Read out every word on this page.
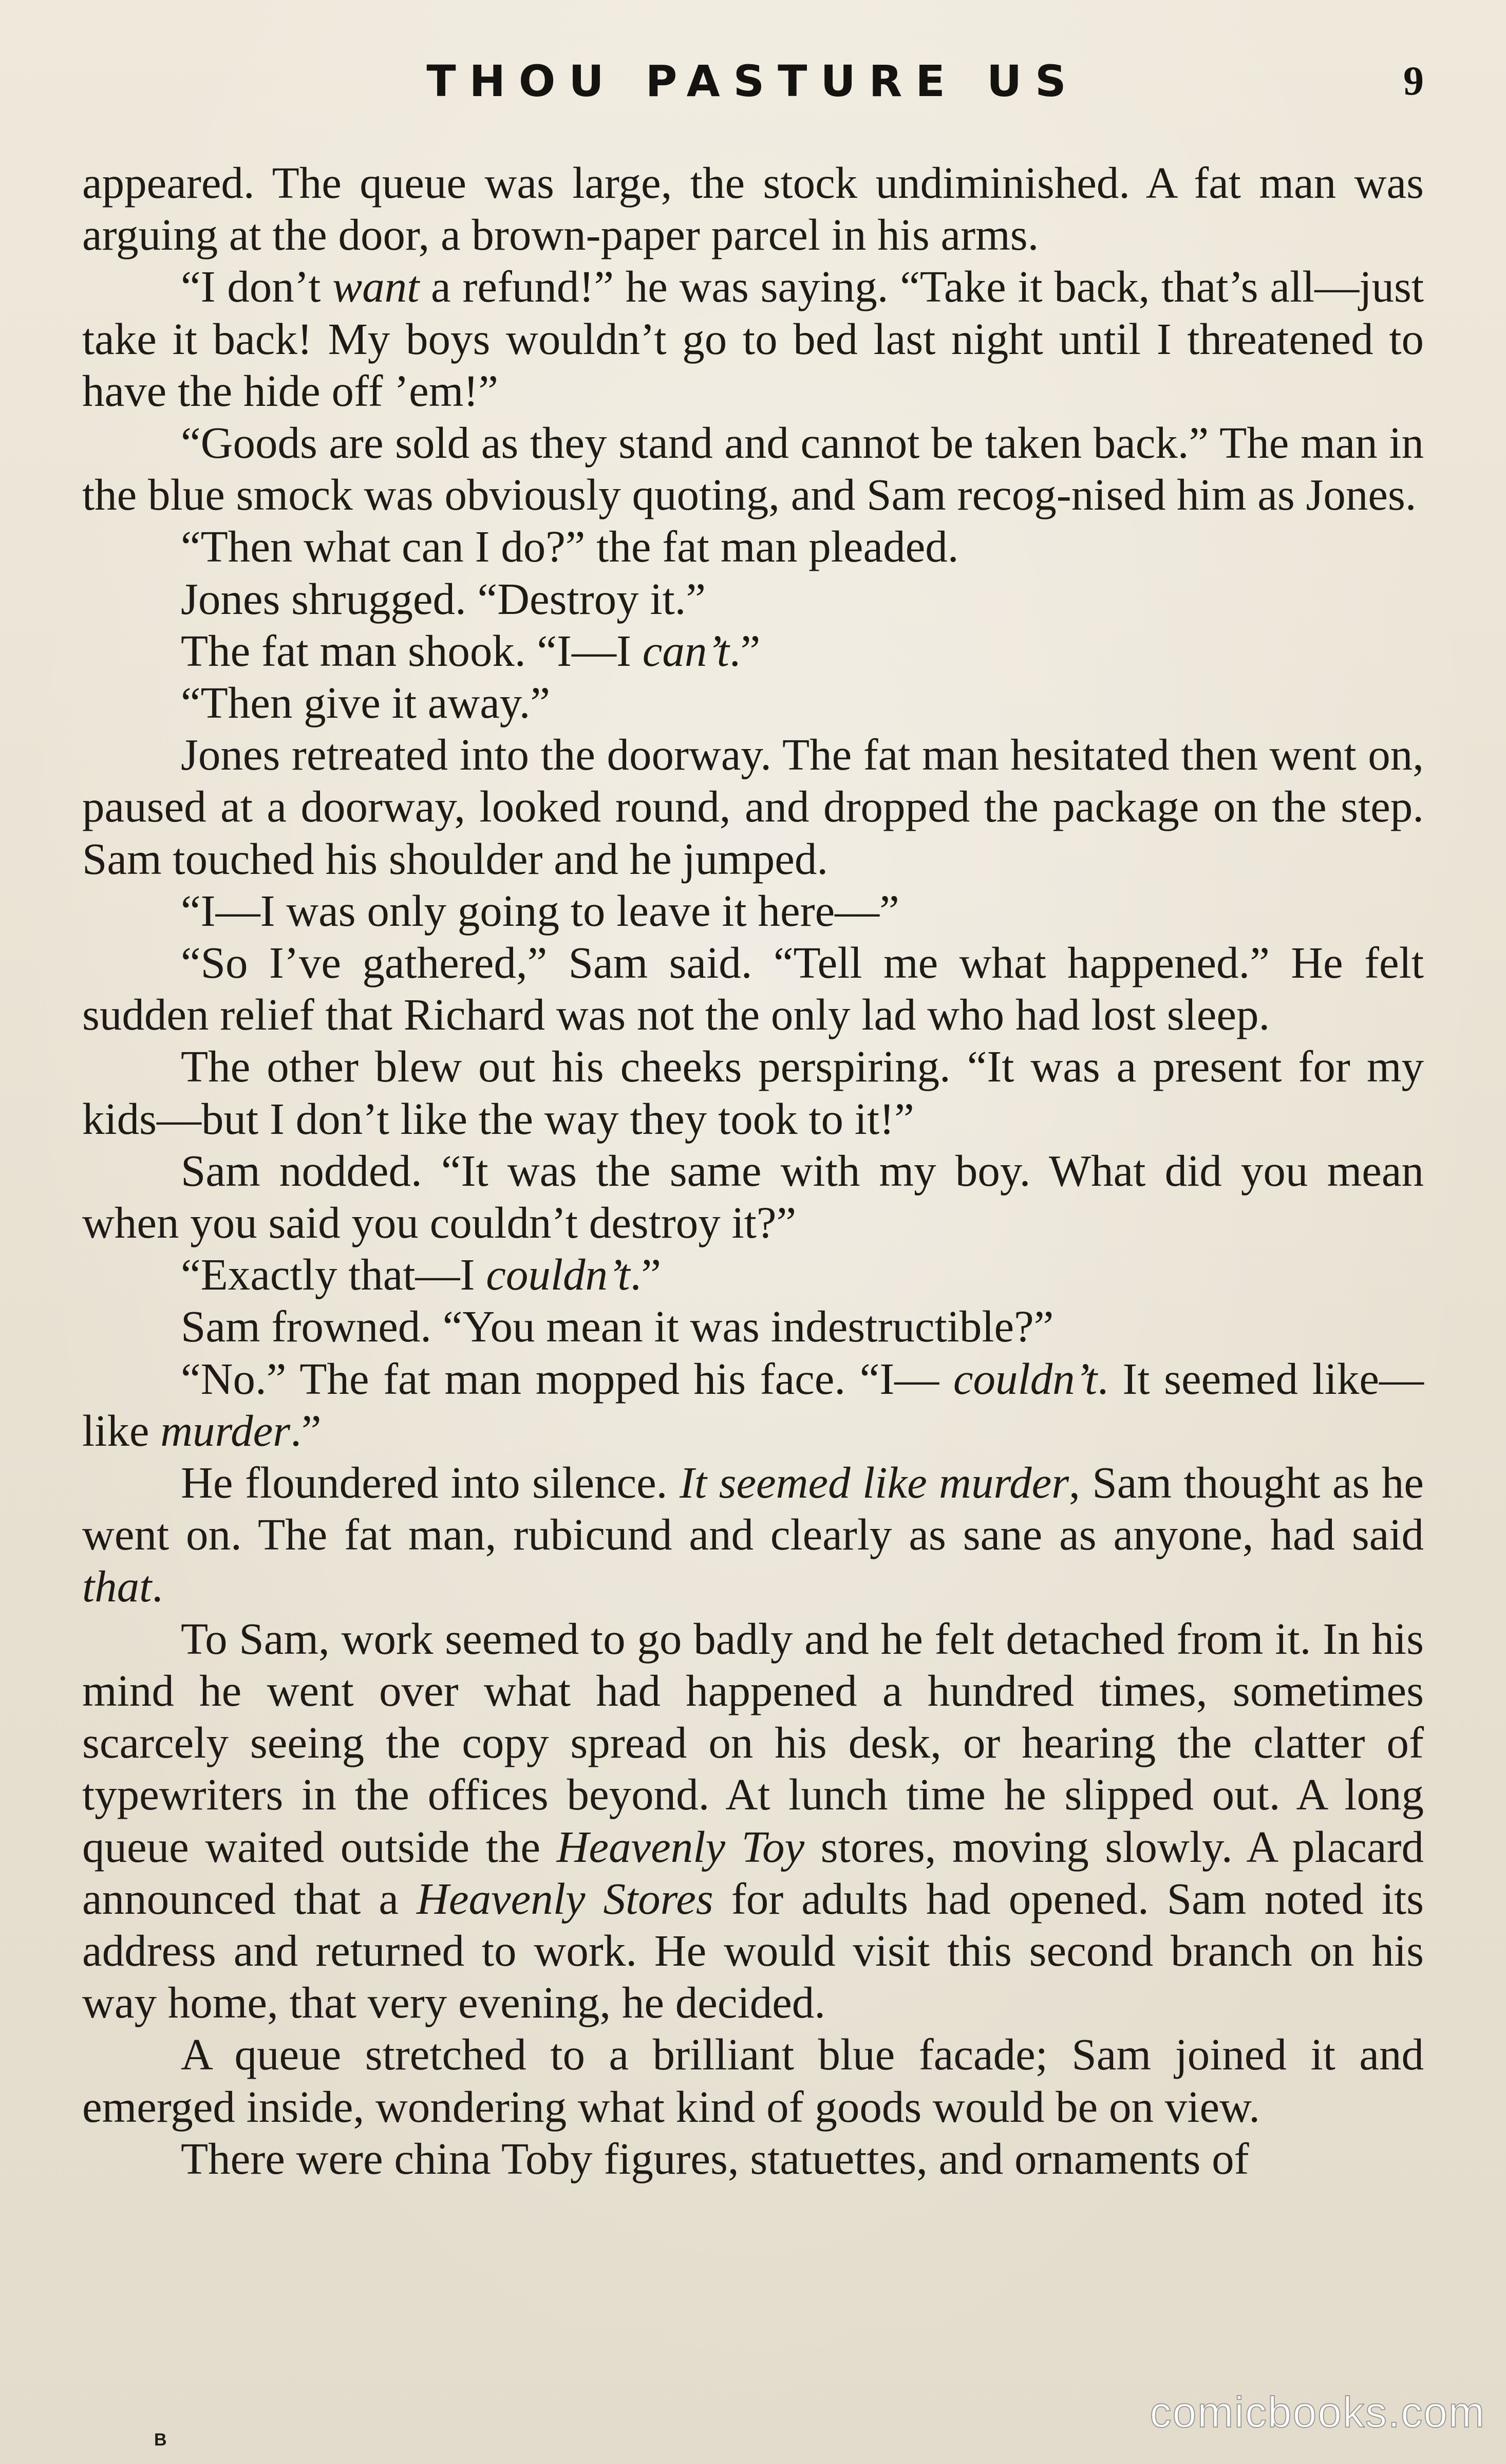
THOU PASTURE US	9

appeared. The queue was large, the stock undiminished. A fat man was arguing at the door, a brown-paper parcel in his arms.

“I don’t want a refund!” he was saying. “Take it back, that’s all—just take it back! My boys wouldn’t go to bed last night until I threatened to have the hide off ’em!”

“Goods are sold as they stand and cannot be taken back.” The man in the blue smock was obviously quoting, and Sam recog-nised him as Jones.

“Then what can I do?” the fat man pleaded.

Jones shrugged. “Destroy it.”

The fat man shook. “I—I can’t.”

“Then give it away.”

Jones retreated into the doorway. The fat man hesitated then went on, paused at a doorway, looked round, and dropped the package on the step. Sam touched his shoulder and he jumped.

“I—I was only going to leave it here—”

“So I’ve gathered,” Sam said. “Tell me what happened.” He felt sudden relief that Richard was not the only lad who had lost sleep.

The other blew out his cheeks perspiring. “It was a present for my kids—but I don’t like the way they took to it!”

Sam nodded. “It was the same with my boy. What did you mean when you said you couldn’t destroy it?”

“Exactly that—I couldn’t.”

Sam frowned. “You mean it was indestructible?”

“No.” The fat man mopped his face. “I— couldn’t. It seemed like—like murder.”

He floundered into silence. It seemed like murder, Sam thought as he went on. The fat man, rubicund and clearly as sane as anyone, had said that.

To Sam, work seemed to go badly and he felt detached from it. In his mind he went over what had happened a hundred times, sometimes scarcely seeing the copy spread on his desk, or hearing the clatter of typewriters in the offices beyond. At lunch time he slipped out. A long queue waited outside the Heavenly Toy stores, moving slowly. A placard announced that a Heavenly Stores for adults had opened. Sam noted its address and returned to work. He would visit this second branch on his way home, that very evening, he decided.

A queue stretched to a brilliant blue facade; Sam joined it and emerged inside, wondering what kind of goods would be on view.

There were china Toby figures, statuettes, and ornaments of

B
comicbooks.com
